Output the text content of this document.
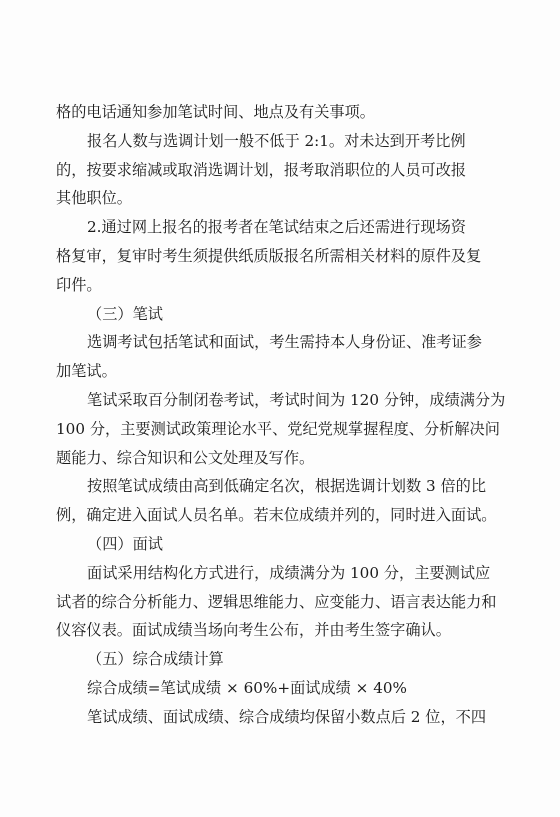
格的电话通知参加笔试时间、地点及有关事项。

报名人数与选调计划一般不低于 2:1。对未达到开考比例

的，按要求缩减或取消选调计划，报考取消职位的人员可改报

其他职位。

2.通过网上报名的报考者在笔试结束之后还需进行现场资

格复审，复审时考生须提供纸质版报名所需相关材料的原件及复

印件。

（三）笔试

选调考试包括笔试和面试，考生需持本人身份证、准考证参

加笔试。

笔试采取百分制闭卷考试，考试时间为 120 分钟，成绩满分为

100 分，主要测试政策理论水平、党纪党规掌握程度、分析解决问

题能力、综合知识和公文处理及写作。

按照笔试成绩由高到低确定名次，根据选调计划数 3 倍的比

例，确定进入面试人员名单。若末位成绩并列的，同时进入面试。

（四）面试

面试采用结构化方式进行，成绩满分为 100 分，主要测试应

试者的综合分析能力、逻辑思维能力、应变能力、语言表达能力和

仪容仪表。面试成绩当场向考生公布，并由考生签字确认。

（五）综合成绩计算

综合成绩=笔试成绩 × 60%+面试成绩 × 40%

笔试成绩、面试成绩、综合成绩均保留小数点后 2 位，不四
